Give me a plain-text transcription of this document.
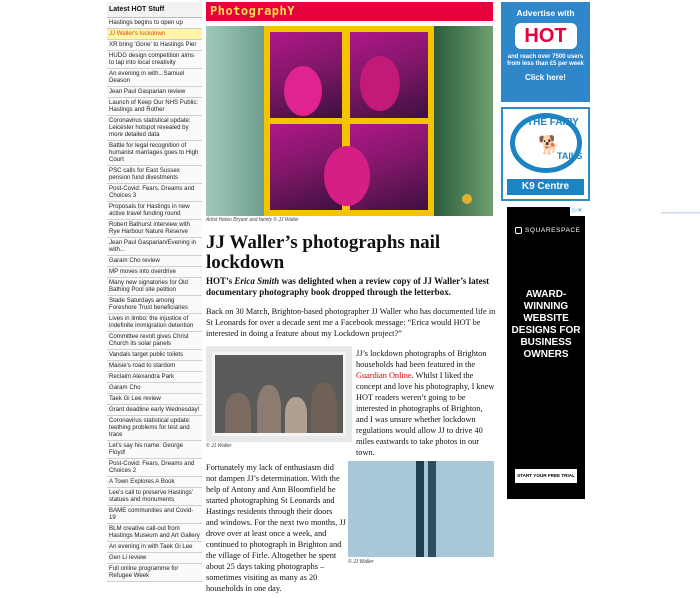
Latest HOT Stuff
Hastings begins to open up
JJ Waller's lockdown
XR bring 'Gone' to Hastings Pier
HUDG design competition aims to tap into local creativity
An evening in with...Samuel Deason
Jean Paul Gasparian review
Launch of Keep Our NHS Public: Hastings and Rother
Coronavirus statistical update: Leicester hotspot revealed by more detailed data
Battle for legal recognition of humanist marriages goes to High Court
PSC calls for East Sussex pension fund divestments
Post-Covid: Fears, Dreams and Choices 3
Proposals for Hastings in new active travel funding round
Robert Bathurst interview with Rye Harbour Nature Reserve
Jean Paul Gasparian/Evening in with...
Garam Cho review
MP moves into overdrive
Many new signatories for Old Bathing Pool site petition
Stade Saturdays among Foreshore Trust beneficiaries
Lives in limbo: the injustice of indefinite immigration detention
Committee revolt gives Christ Church its solar panels
Vandals target public toilets
Maisie's road to stardom
Reclaim Alexandra Park
Garam Cho
Taek Gi Lee review
Grant deadline early Wednesday!
Coronavirus statistical update: teething problems for test and trace
Let's say his name: George Floyd!
Post-Covid: Fears, Dreams and Choices 2
A Town Explores A Book
Lee's call to preserve Hastings' statues and monuments
BAME communities and Covid-19
BLM creative call-out from Hastings Museum and Art Gallery
An evening in with Taek Gi Lee
Gen Li review
Full online programme for Refugee Week
PhotographY
Artist Helen Bryant and family © JJ Waller
JJ Waller’s photographs nail lockdown
HOT’s Erica Smith was delighted when a review copy of JJ Waller’s latest documentary photography book dropped through the letterbox.

Back on 30 March, Brighton-based photographer JJ Waller who has documented life in St Leonards for over a decade sent me a Facebook message: “Erica would HOT be interested in doing a feature about my Lockdown project?”

© JJ Waller

JJ’s lockdown photographs of Brighton households had been featured in the Guardian Online. Whilst I liked the concept and love his photography, I knew HOT readers weren’t going to be interested in photographs of Brighton, and I was unsure whether lockdown regulations would allow JJ to drive 40 miles eastwards to take photos in our town.

Fortunately my lack of enthusiasm did not dampen JJ’s determination. With the help of Antony and Ann Bloomfield he started photographing St Leonards and Hastings residents through their doors and windows. For the next two months, JJ drove over at least once a week, and continued to photograph in Brighton and the village of Firle. Altogether he spent about 25 days taking photographs – sometimes visiting as many as 20 households in one day.

© JJ Waller
Advertise with
HOT
and reach over 7500 users from less than £5 per week
Click here!
THE FAIRY
TAILS
🐕
K9 Centre
▷✕
SQUARESPACE
AWARD-WINNING WEBSITE DESIGNS FOR BUSINESS OWNERS
START YOUR FREE TRIAL
